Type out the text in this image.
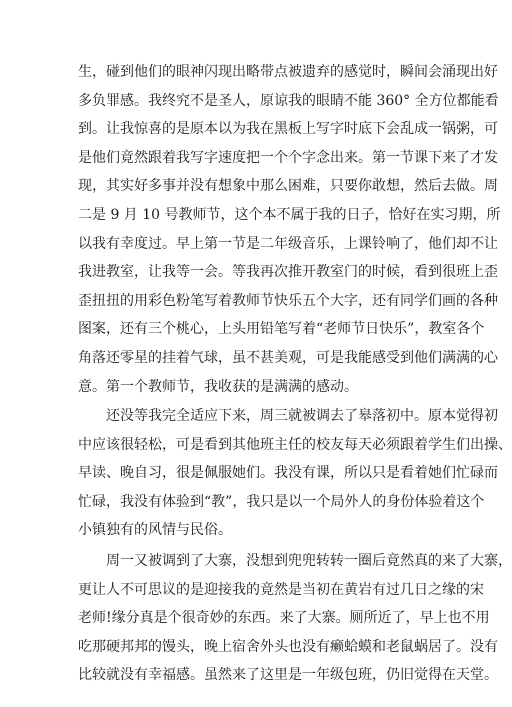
生，碰到他们的眼神闪现出略带点被遗弃的感觉时，瞬间会涌现出好
多负罪感。我终究不是圣人，原谅我的眼睛不能 360° 全方位都能看
到。让我惊喜的是原本以为我在黑板上写字时底下会乱成一锅粥，可
是他们竟然跟着我写字速度把一个个字念出来。第一节课下来了才发
现，其实好多事并没有想象中那么困难，只要你敢想，然后去做。周
二是 9 月 10 号教师节，这个本不属于我的日子，恰好在实习期，所
以我有幸度过。早上第一节是二年级音乐，上课铃响了，他们却不让
我进教室，让我等一会。等我再次推开教室门的时候，看到很班上歪
歪扭扭的用彩色粉笔写着教师节快乐五个大字，还有同学们画的各种
图案，还有三个桃心，上头用铅笔写着“老师节日快乐”，教室各个
角落还零星的挂着气球，虽不甚美观，可是我能感受到他们满满的心
意。第一个教师节，我收获的是满满的感动。
还没等我完全适应下来，周三就被调去了皋落初中。原本觉得初
中应该很轻松，可是看到其他班主任的校友每天必须跟着学生们出操、
早读、晚自习，很是佩服她们。我没有课，所以只是看着她们忙碌而
忙碌，我没有体验到“教”，我只是以一个局外人的身份体验着这个
小镇独有的风情与民俗。
周一又被调到了大寨，没想到兜兜转转一圈后竟然真的来了大寨，
更让人不可思议的是迎接我的竟然是当初在黄岩有过几日之缘的宋
老师!缘分真是个很奇妙的东西。来了大寨。厕所近了，早上也不用
吃那硬邦邦的馒头，晚上宿舍外头也没有癞蛤蟆和老鼠蜗居了。没有
比较就没有幸福感。虽然来了这里是一年级包班，仍旧觉得在天堂。
